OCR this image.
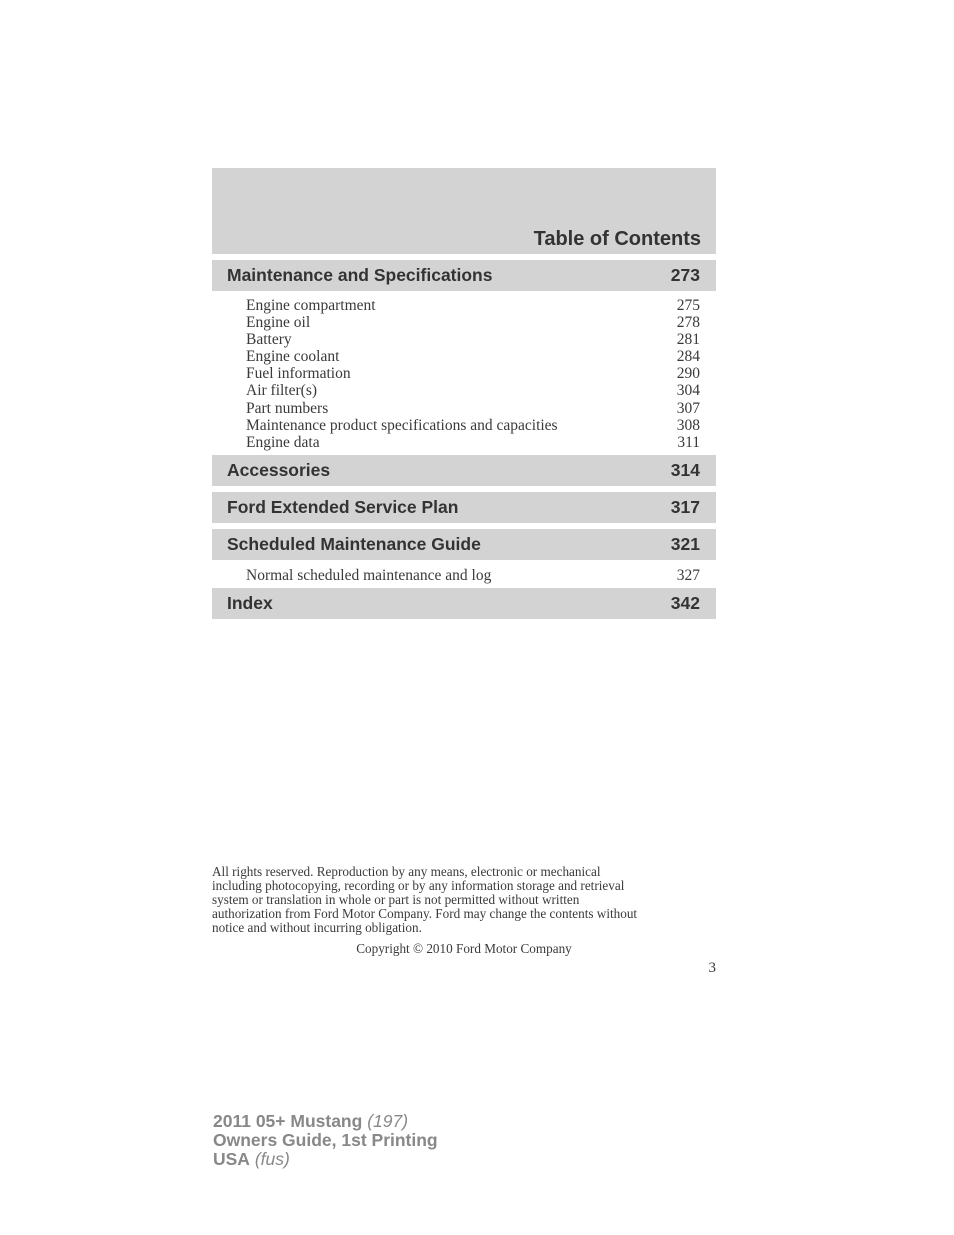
Table of Contents
Maintenance and Specifications	273
Engine compartment	275
Engine oil	278
Battery	281
Engine coolant	284
Fuel information	290
Air filter(s)	304
Part numbers	307
Maintenance product specifications and capacities	308
Engine data	311
Accessories	314
Ford Extended Service Plan	317
Scheduled Maintenance Guide	321
Normal scheduled maintenance and log	327
Index	342
All rights reserved. Reproduction by any means, electronic or mechanical
including photocopying, recording or by any information storage and retrieval
system or translation in whole or part is not permitted without written
authorization from Ford Motor Company. Ford may change the contents without
notice and without incurring obligation.
Copyright © 2010 Ford Motor Company
3
2011 05+ Mustang (197)
Owners Guide, 1st Printing
USA (fus)
